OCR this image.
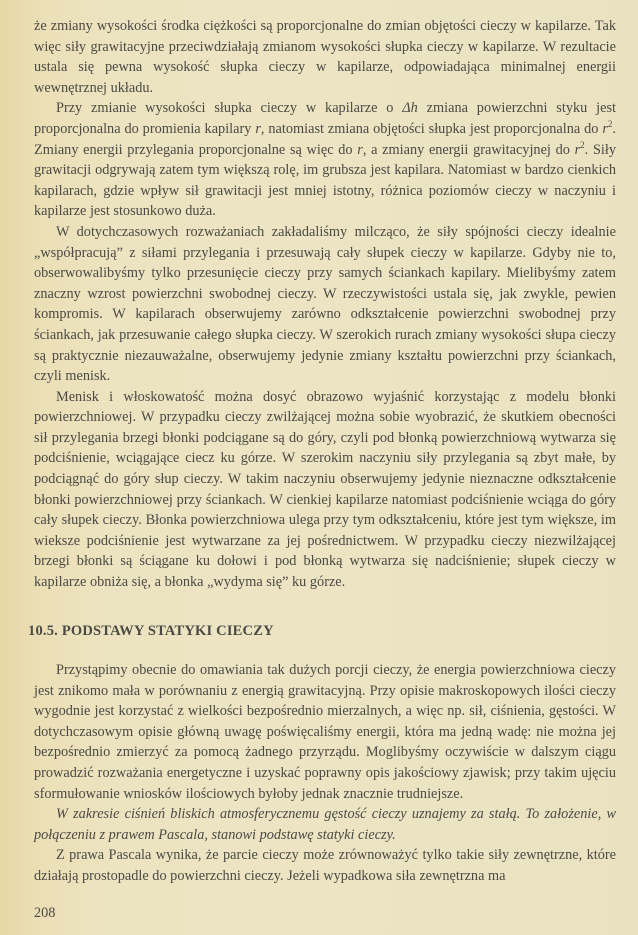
że zmiany wysokości środka ciężkości są proporcjonalne do zmian objętości cieczy w kapilarze. Tak więc siły grawitacyjne przeciwdziałają zmianom wysokości słupka cieczy w kapilarze. W rezultacie ustala się pewna wysokość słupka cieczy w kapilarze, odpowiadająca minimalnej energii wewnętrznej układu.

Przy zmianie wysokości słupka cieczy w kapilarze o Δh zmiana powierzchni styku jest proporcjonalna do promienia kapilary r, natomiast zmiana objętości słupka jest proporcjonalna do $r^2$. Zmiany energii przylegania proporcjonalne są więc do r, a zmiany energii grawitacyjnej do $r^2$. Siły grawitacji odgrywają zatem tym większą rolę, im grubsza jest kapilara. Natomiast w bardzo cienkich kapilarach, gdzie wpływ sił grawitacji jest mniej istotny, różnica poziomów cieczy w naczyniu i kapilarze jest stosunkowo duża.

W dotychczasowych rozważaniach zakładaliśmy milcząco, że siły spójności cieczy idealnie „współpracują” z siłami przylegania i przesuwają cały słupek cieczy w kapilarze. Gdyby nie to, obserwowalibyśmy tylko przesunięcie cieczy przy samych ściankach kapilary. Mielibyśmy zatem znaczny wzrost powierzchni swobodnej cieczy. W rzeczywistości ustala się, jak zwykle, pewien kompromis. W kapilarach obserwujemy zarówno odkształcenie powierzchni swobodnej przy ściankach, jak przesuwanie całego słupka cieczy. W szerokich rurach zmiany wysokości słupa cieczy są praktycznie niezauważalne, obserwujemy jedynie zmiany kształtu powierzchni przy ściankach, czyli menisk.

Menisk i włoskowatość można dosyć obrazowo wyjaśnić korzystając z modelu błonki powierzchniowej. W przypadku cieczy zwilżającej można sobie wyobrazić, że skutkiem obecności sił przylegania brzegi błonki podciągane są do góry, czyli pod błonką powierzchniową wytwarza się podciśnienie, wciągające ciecz ku górze. W szerokim naczyniu siły przylegania są zbyt małe, by podciągnąć do góry słup cieczy. W takim naczyniu obserwujemy jedynie nieznaczne odkształcenie błonki powierzchniowej przy ściankach. W cienkiej kapilarze natomiast podciśnienie wciąga do góry cały słupek cieczy. Błonka powierzchniowa ulega przy tym odkształceniu, które jest tym większe, im wieksze podciśnienie jest wytwarzane za jej pośrednictwem. W przypadku cieczy niezwilżającej brzegi błonki są ściągane ku dołowi i pod błonką wytwarza się nadciśnienie; słupek cieczy w kapilarze obniża się, a błonka „wydyma się” ku górze.

10.5. PODSTAWY STATYKI CIECZY

Przystąpimy obecnie do omawiania tak dużych porcji cieczy, że energia powierzchniowa cieczy jest znikomo mała w porównaniu z energią grawitacyjną. Przy opisie makroskopowych ilości cieczy wygodnie jest korzystać z wielkości bezpośrednio mierzalnych, a więc np. sił, ciśnienia, gęstości. W dotychczasowym opisie główną uwagę poświęcaliśmy energii, która ma jedną wadę: nie można jej bezpośrednio zmierzyć za pomocą żadnego przyrządu. Moglibyśmy oczywiście w dalszym ciągu prowadzić rozważania energetyczne i uzyskać poprawny opis jakościowy zjawisk; przy takim ujęciu sformułowanie wniosków ilościowych byłoby jednak znacznie trudniejsze.

W zakresie ciśnień bliskich atmosferycznemu gęstość cieczy uznajemy za stałą. To założenie, w połączeniu z prawem Pascala, stanowi podstawę statyki cieczy.

Z prawa Pascala wynika, że parcie cieczy może zrównoważyć tylko takie siły zewnętrzne, które działają prostopadle do powierzchni cieczy. Jeżeli wypadkowa siła zewnętrzna ma

208
